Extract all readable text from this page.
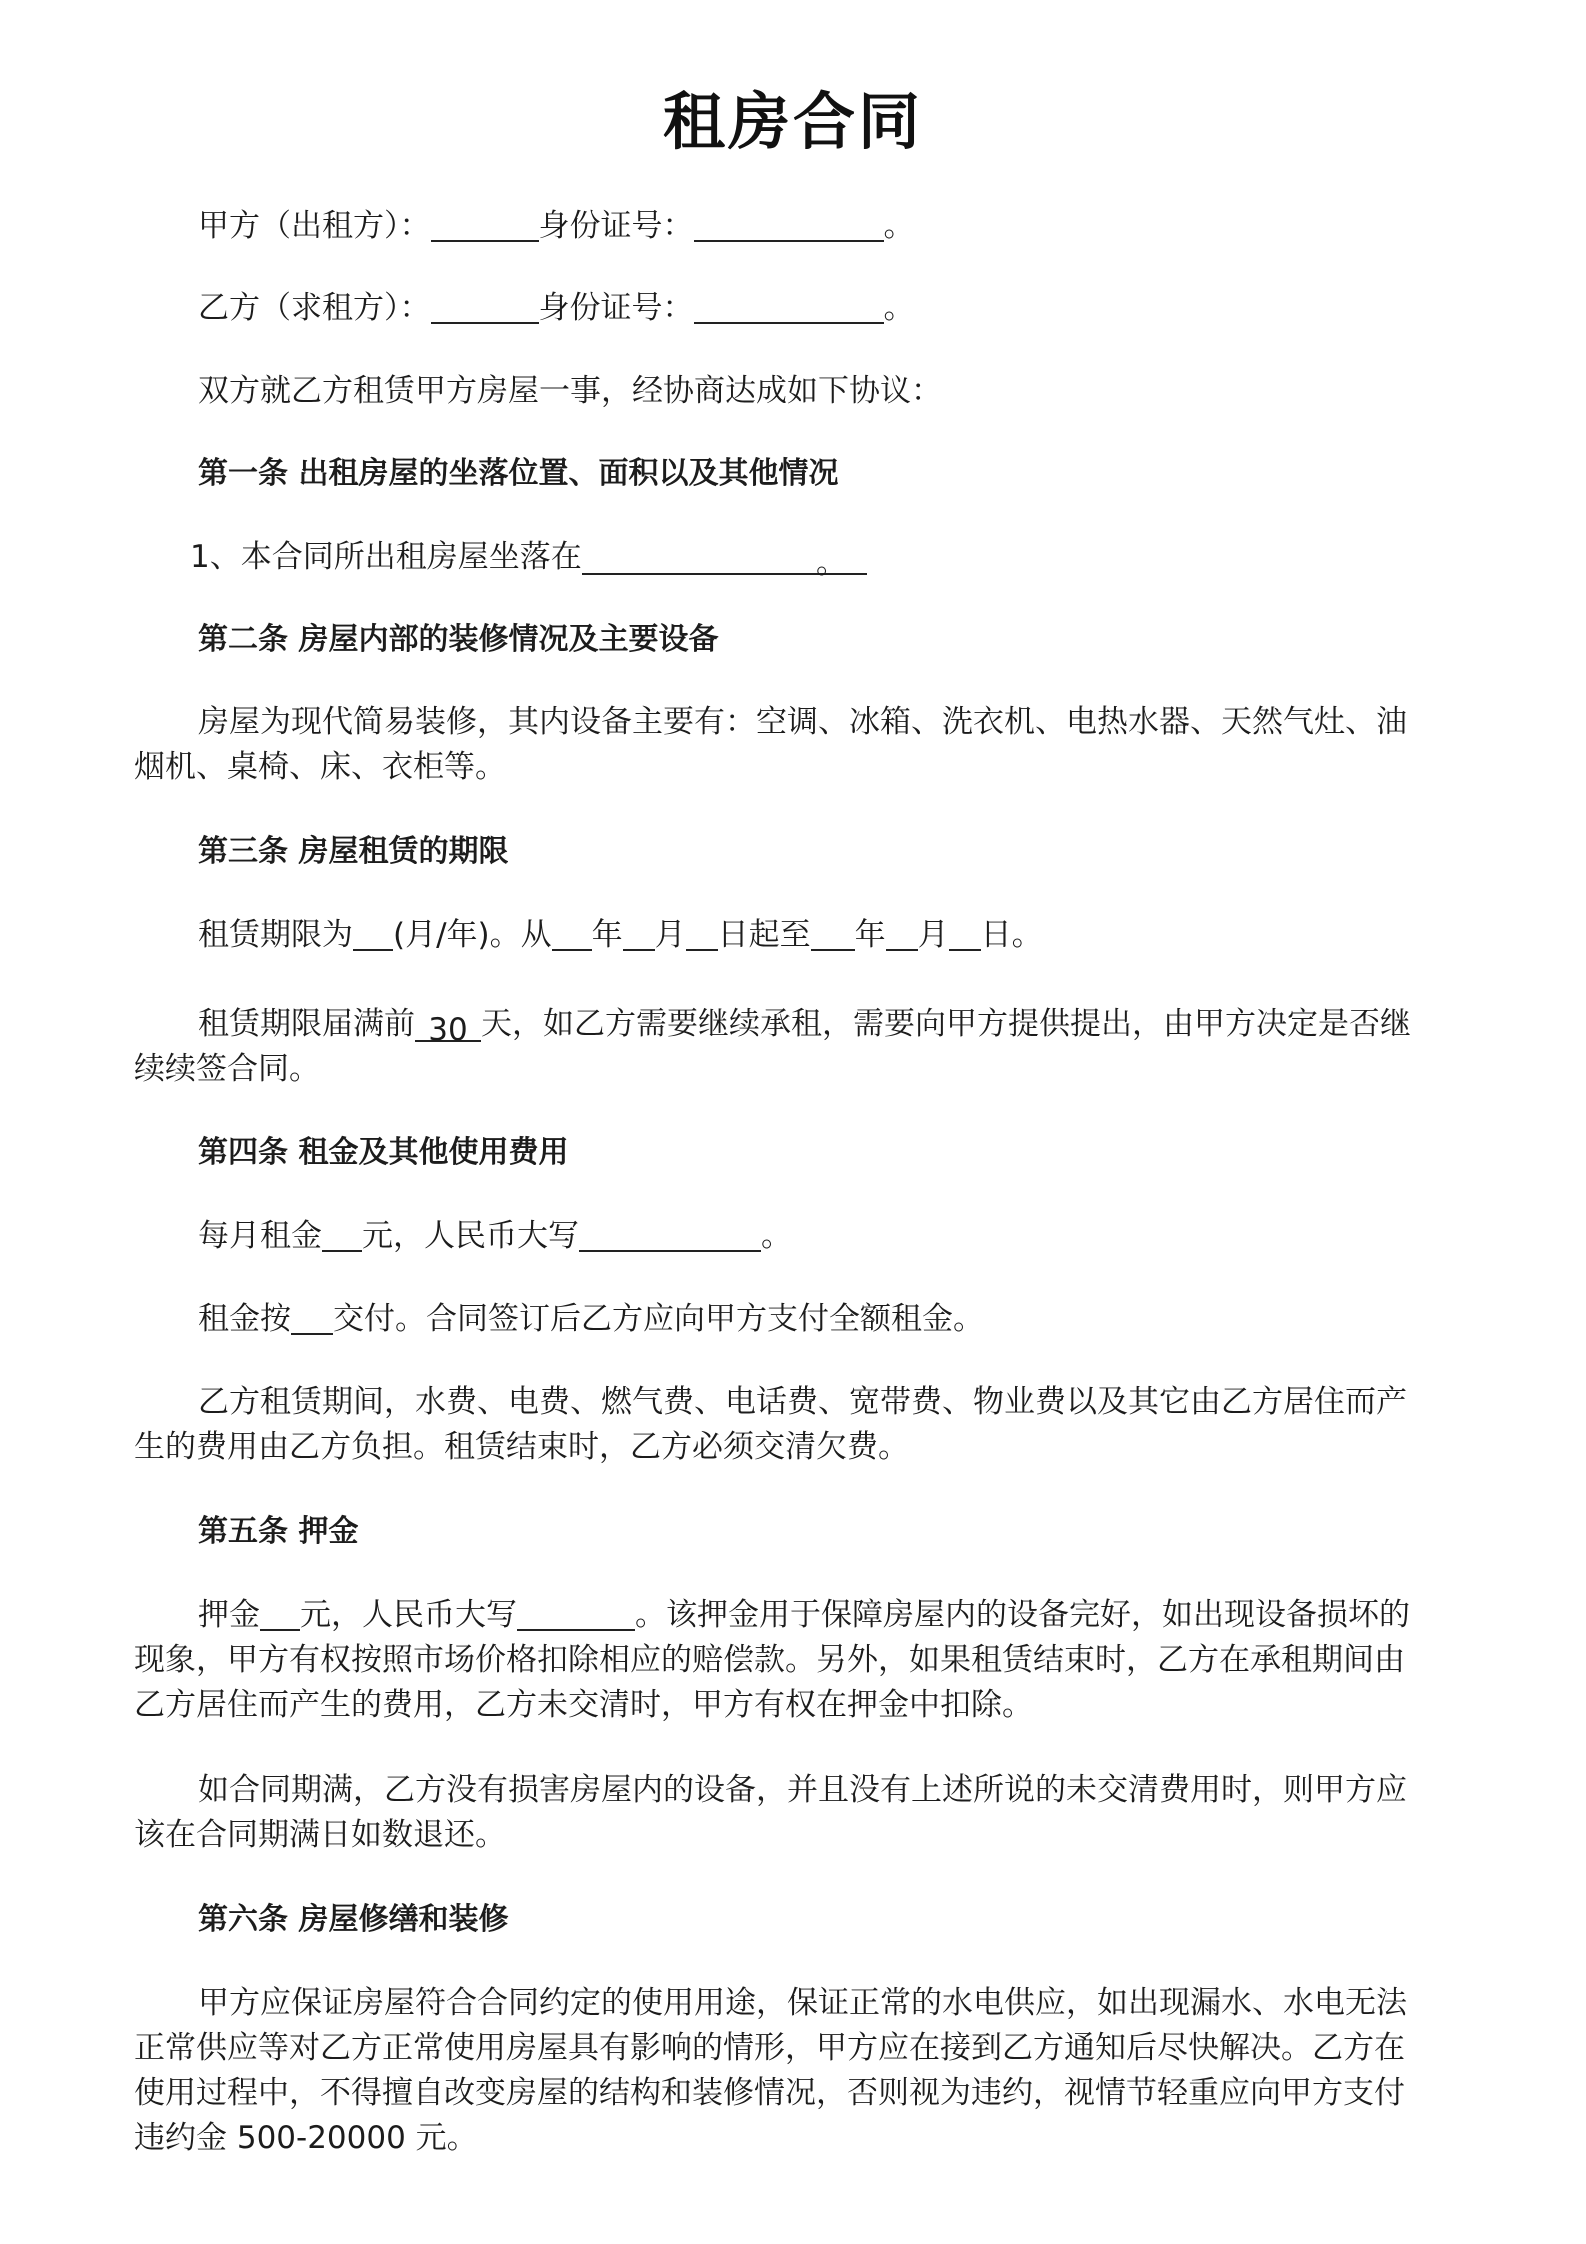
租房合同
甲方（出租方）：	身份证号：	。
乙方（求租方）：	身份证号：	。
双方就乙方租赁甲方房屋一事，经协商达成如下协议：
第一条 出租房屋的坐落位置、面积以及其他情况
1、本合同所出租房屋坐落在	。
第二条 房屋内部的装修情况及主要设备
房屋为现代简易装修，其内设备主要有：空调、冰箱、洗衣机、电热水器、天然气灶、油
烟机、桌椅、床、衣柜等。
第三条 房屋租赁的期限
租赁期限为 (月/年)。从 年 月 日起至 年 月 日。
租赁期限届满前 30 天，如乙方需要继续承租，需要向甲方提供提出，由甲方决定是否继
续续签合同。
第四条 租金及其他使用费用
每月租金 元，人民币大写	。
租金按 交付。合同签订后乙方应向甲方支付全额租金。
乙方租赁期间，水费、电费、燃气费、电话费、宽带费、物业费以及其它由乙方居住而产
生的费用由乙方负担。租赁结束时，乙方必须交清欠费。
第五条 押金
押金 元，人民币大写	。该押金用于保障房屋内的设备完好，如出现设备损坏的
现象，甲方有权按照市场价格扣除相应的赔偿款。另外，如果租赁结束时，乙方在承租期间由
乙方居住而产生的费用，乙方未交清时，甲方有权在押金中扣除。
如合同期满，乙方没有损害房屋内的设备，并且没有上述所说的未交清费用时，则甲方应
该在合同期满日如数退还。
第六条 房屋修缮和装修
甲方应保证房屋符合合同约定的使用用途，保证正常的水电供应，如出现漏水、水电无法
正常供应等对乙方正常使用房屋具有影响的情形，甲方应在接到乙方通知后尽快解决。乙方在
使用过程中，不得擅自改变房屋的结构和装修情况，否则视为违约，视情节轻重应向甲方支付
违约金 500-20000 元。
